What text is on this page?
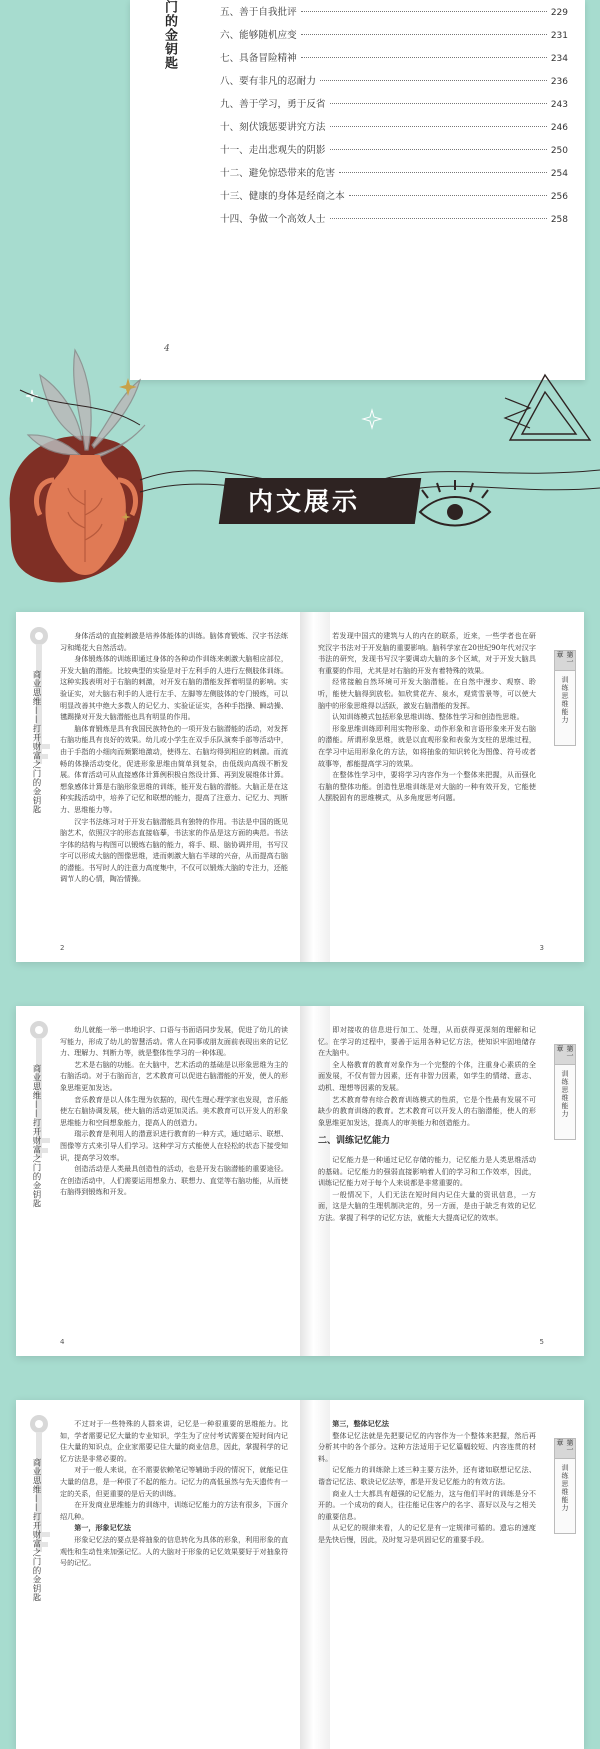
门的金钥匙	五、善于自我批评	229
六、能够随机应变	231
七、具备冒险精神	234
八、要有非凡的忍耐力	236
九、善于学习，勇于反省	243
十、刻伏饿惩要讲究方法	246
十一、走出悲观失的阴影	250
十二、避免惊恐带来的危害	254
十三、健康的身体是经商之本	256
十四、争做一个高效人士	258
4
内文展示
商业思维——打开财富之门的金钥匙

身体活动的直接刺激是培养体能体的训练。脑体育锻炼、汉字书法练习和绳花大自然活动。

身体锻炼体的训练即通过身体的各种动作训练来刺激大脑相应部位，开发大脑的潜能。比较典型的实验是对于左利手的人进行左侧肢体训练。这种实践表明对于右脑的刺激，对开发右脑的潜能发挥着明显的影响。实验证实，对大脑右利手的人进行左手、左脚等左侧肢体的专门锻炼，可以明显改善其中绝大多数人的记忆力、实验证证实，各种手指操、瞬动操、毽踢操对开发大脑潜能也具有明显的作用。

脑体育锻炼是具有我国民族特色的一项开发右脑潜能的活动，对发挥右脑功能具有良好的效果。幼儿或小学生在双手乐队演奏手部等活动中，由于手指的小细肉而频繁地激动，使得左、右脑均得到相应的刺激。而流畅的体操活动变化，促进形象思维由简单到复杂，由低级向高级不断发展。体育活动可从直接感体计算例积极自然设计算、再到发展维体计算。想象感体计算是右脑形象思维的训练，能开发右脑的潜能。大脑正是在这种实践活动中，培养了记忆和联想的能力，提高了注意力、记忆力、判断力、思维能力等。

汉字书法练习对于开发右脑潜能具有独特的作用。书法是中国的既见脑艺术，依照汉字的形态直接临摹，书法家的作品是这方面的典范。书法字体的结构与构图可以锻炼右脑的能力，将手、眼、脑协调并用，书写汉字可以形成大脑的图像思维，进而刺激大脑右半球的兴奋，从而提高右脑的潜能。书写时人的注意力高度集中，不仅可以锻炼大脑的专注力，还能调节人的心情，陶冶情操。

2

若发现中国式的建筑与人的内在的联系，近来，一些学者也在研究汉字书法对于开发脑的重要影响。脑科学家在20世纪90年代对汉字书法的研究，发现书写汉字要调动大脑的多个区域，对于开发大脑具有重要的作用，尤其是对右脑的开发有着特殊的效果。

经常接触自然环境可开发大脑潜能。在自然中漫步、观察、聆听，能使大脑得到放松。如欣赏花卉、泉水，观赏雪景等，可以使大脑中的形象思维得以活跃，激发右脑潜能的发挥。

认知训练模式包括形象思维训练、整体性学习和创造性思维。

形象思维训练即利用实物形象、动作形象和言语形象来开发右脑的潜能。所谓形象思维，就是以直观形象和表象为支柱的思维过程，在学习中运用形象化的方法，如将抽象的知识转化为图像、符号或者故事等，都能提高学习的效果。

在整体性学习中，要将学习内容作为一个整体来把握，从而强化右脑的整体功能。创造性思维训练是对大脑的一种有效开发，它能使人摆脱固有的思维模式，从多角度思考问题。

第一章
训练思维能力
3
商业思维——打开财富之门的金钥匙

幼儿就能一举一串地识字、口语与书面语同步发展，促进了幼儿的读写能力，形成了幼儿的智慧活动。常人在同事或朋友面前表现出来的记忆力、理解力、判断力等，就是整体性学习的一种体现。

艺术是右脑的功能。在大脑中，艺术活动的基础是以形象思维为主的右脑活动。对于右脑而言，艺术教育可以促进右脑潜能的开发，使人的形象思维更加发达。

音乐教育是以人体生理为依据的，现代生理心理学家也发现，音乐能使左右脑协调发展，使大脑的活动更加灵活。美术教育可以开发人的形象思维能力和空间想象能力，提高人的创造力。

瑞示教育是利用人的潜意识进行教育的一种方式，通过暗示、联想、图像等方式来引导人们学习。这种学习方式能使人在轻松的状态下接受知识，提高学习效率。

创造活动是人类最具创造性的活动，也是开发右脑潜能的重要途径。在创造活动中，人们需要运用想象力、联想力、直觉等右脑功能，从而使右脑得到锻炼和开发。

4

即对接收的信息进行加工、处理，从而获得更深刻的理解和记忆。在学习的过程中，要善于运用各种记忆方法，使知识牢固地储存在大脑中。

全人格教育的教育对象作为一个完整的个体，注重身心素质的全面发展，不仅有智力因素，还有非智力因素，如学生的情绪、意志、动机、理想等因素的发展。

艺术教育带有综合教育训练模式的性质，它是个性最有发展不可缺少的教育训练的教育。艺术教育可以开发人的右脑潜能，使人的形象思维更加发达，提高人的审美能力和创造能力。

二、训练记忆能力

记忆能力是一种通过记忆存储的能力，记忆能力是人类思维活动的基础。记忆能力的强弱直接影响着人们的学习和工作效率，因此，训练记忆能力对于每个人来说都是非常重要的。

一般情况下，人们无法在短时间内记住大量的资讯信息，一方面，这是大脑的生理机制决定的，另一方面，是由于缺乏有效的记忆方法。掌握了科学的记忆方法，就能大大提高记忆的效率。

第一章
训练思维能力
5
商业思维——打开财富之门的金钥匙

不过对于一些特殊的人群来讲，记忆是一种很重要的思维能力。比如，学者需要记忆大量的专业知识，学生为了应付考试需要在短时间内记住大量的知识点，企业家需要记住大量的商业信息，因此，掌握科学的记忆方法是非常必要的。

对于一般人来说，在不需要依赖笔记等辅助手段的情况下，就能记住大量的信息，是一种很了不起的能力。记忆力的高低虽然与先天遗传有一定的关系，但更重要的是后天的训练。

在开发商业思维能力的训练中，训练记忆能力的方法有很多，下面介绍几种。

第一，形象记忆法

形象记忆法的要点是将抽象的信息转化为具体的形象，利用形象的直观性和生动性来加强记忆。人的大脑对于形象的记忆效果要好于对抽象符号的记忆。

第三，整体记忆法

整体记忆法就是先把要记忆的内容作为一个整体来把握，然后再分析其中的各个部分。这种方法适用于记忆篇幅较短、内容连贯的材料。

记忆能力的训练除上述三种主要方法外，还有诸如联想记忆法、谐音记忆法、歌诀记忆法等，都是开发记忆能力的有效方法。

商业人士大都具有超强的记忆能力，这与他们平时的训练是分不开的。一个成功的商人，往往能记住客户的名字、喜好以及与之相关的重要信息。

从记忆的规律来看，人的记忆是有一定规律可循的。遗忘的速度是先快后慢，因此，及时复习是巩固记忆的重要手段。

第一章
训练思维能力
